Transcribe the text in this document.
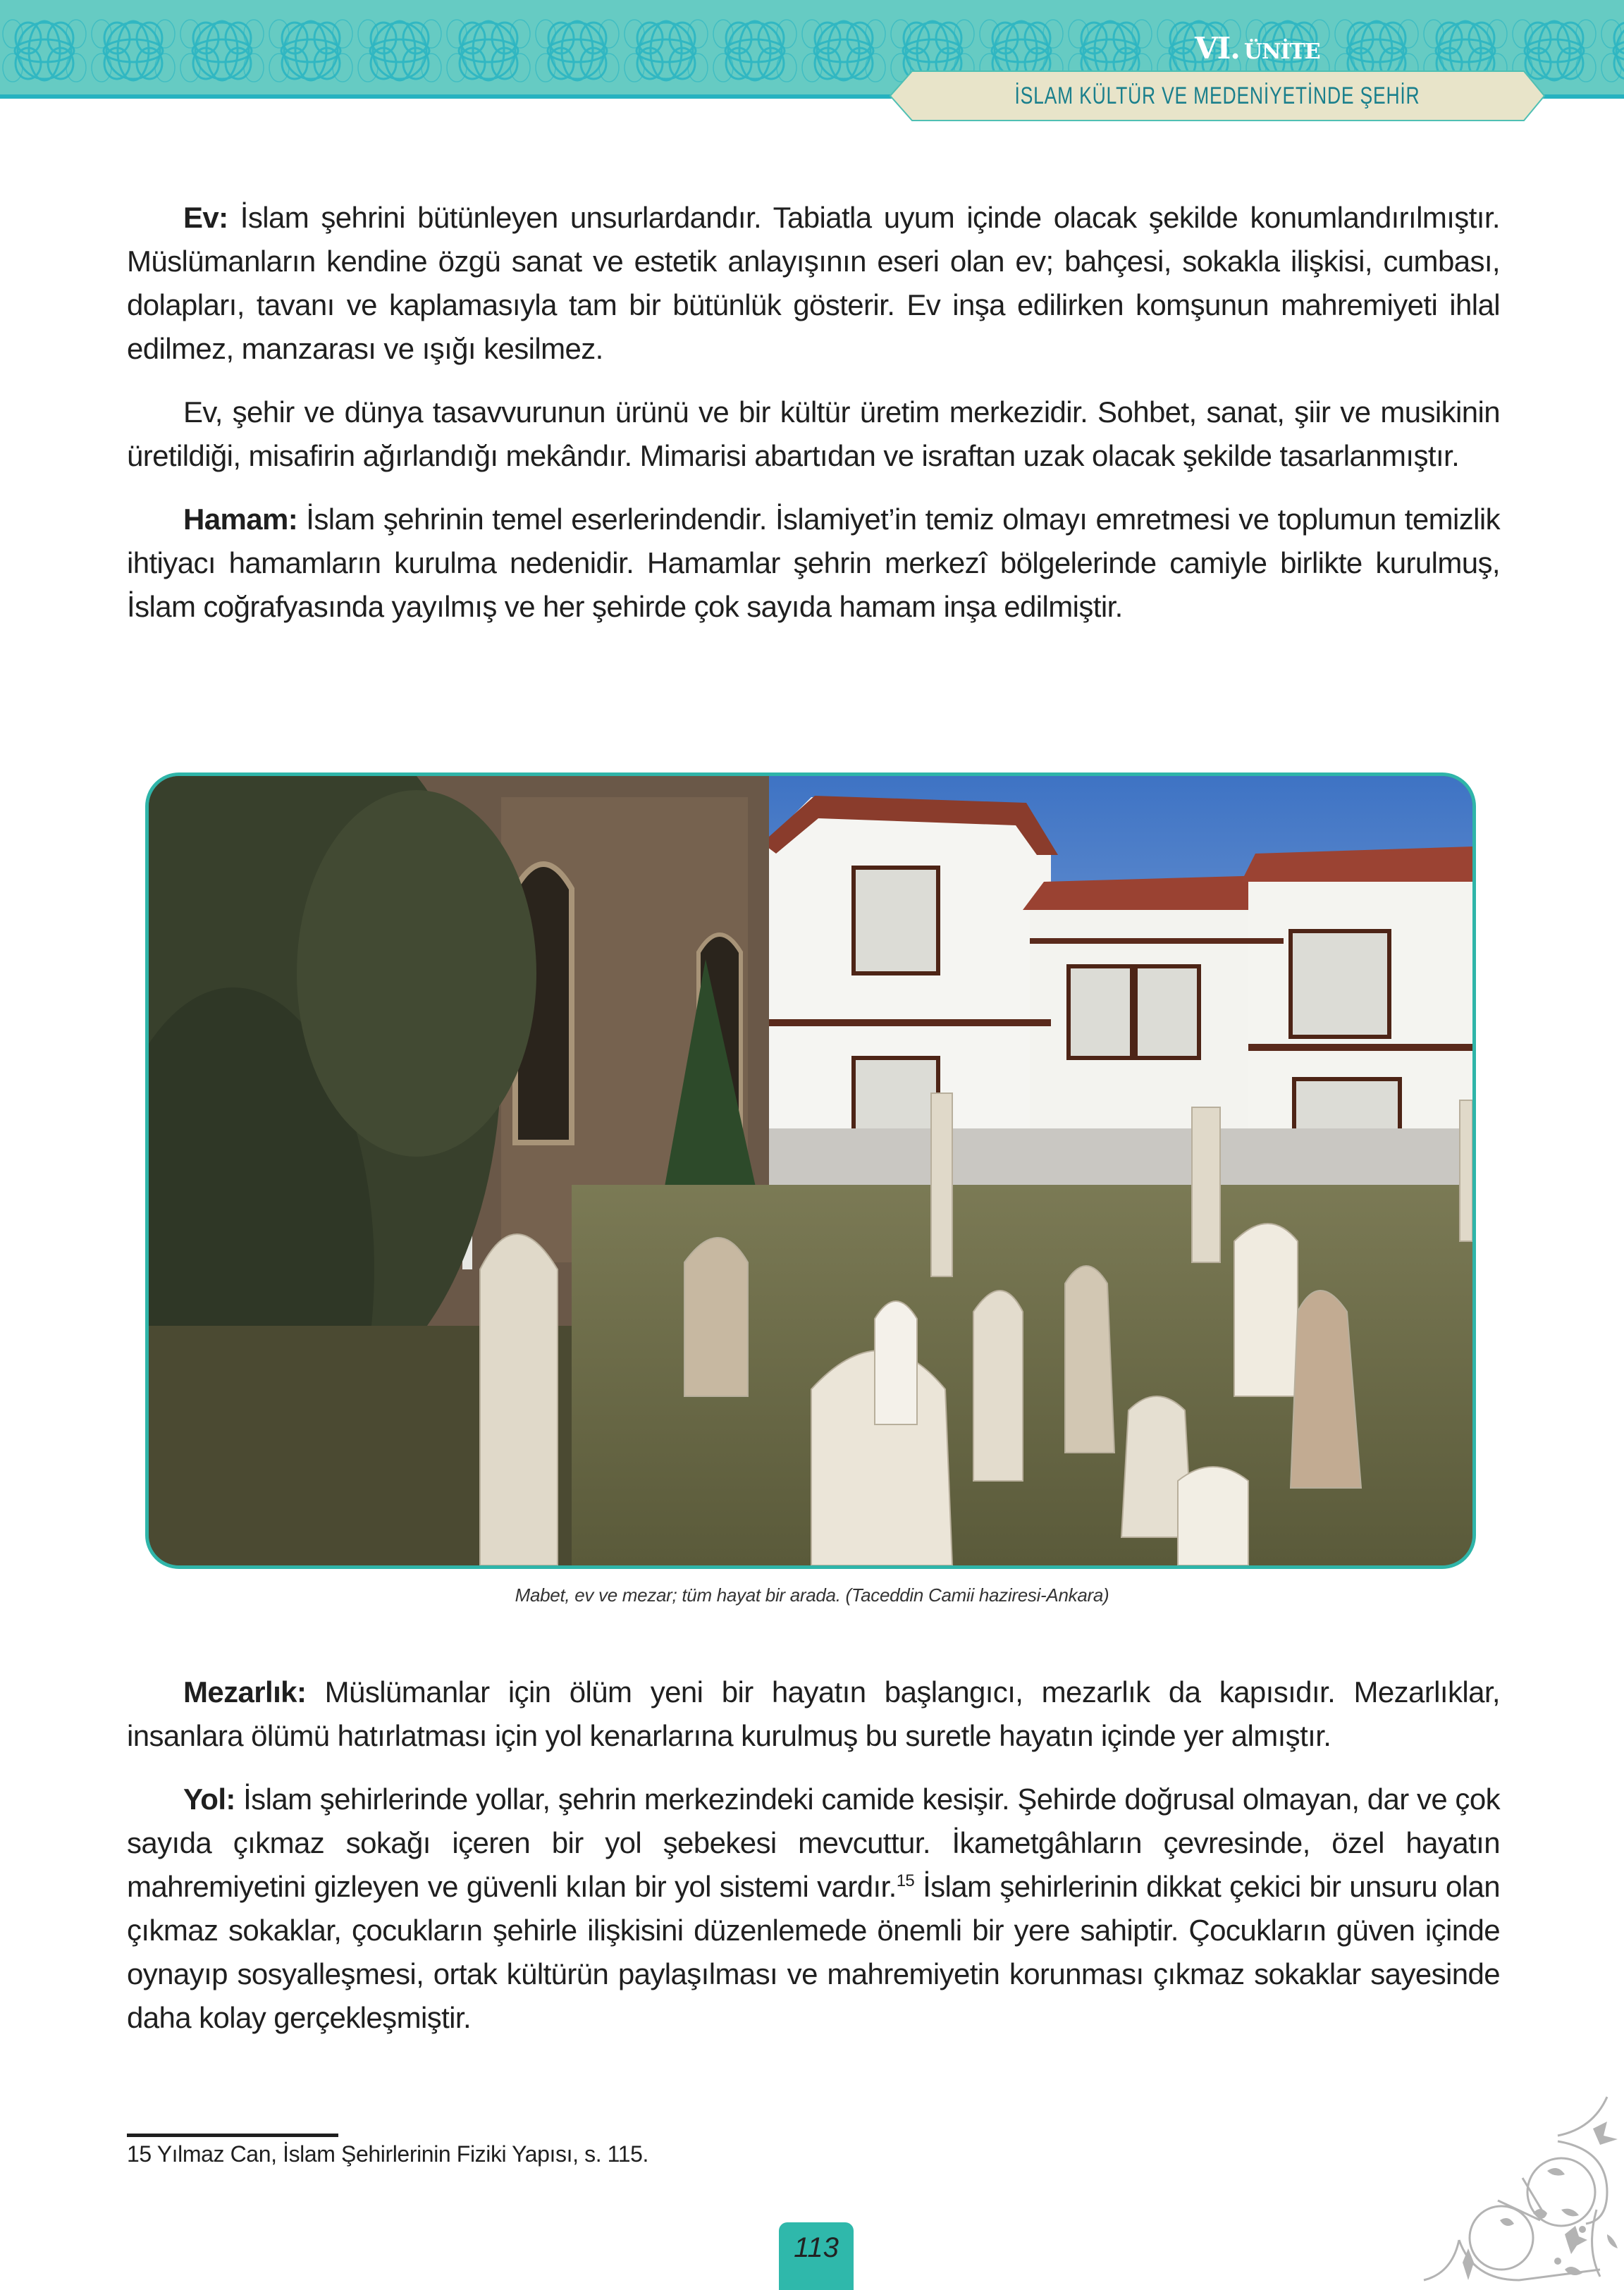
VI. ÜNİTE
İSLAM KÜLTÜR VE MEDENİYETİNDE ŞEHİR

Ev: İslam şehrini bütünleyen unsurlardandır. Tabiatla uyum içinde olacak şekilde konumlandırılmıştır. Müslümanların kendine özgü sanat ve estetik anlayışının eseri olan ev; bahçesi, sokakla ilişkisi, cumbası, dolapları, tavanı ve kaplamasıyla tam bir bütünlük gösterir. Ev inşa edilirken komşunun mahremiyeti ihlal edilmez, manzarası ve ışığı kesilmez.

Ev, şehir ve dünya tasavvurunun ürünü ve bir kültür üretim merkezidir. Sohbet, sanat, şiir ve musikinin üretildiği, misafirin ağırlandığı mekândır. Mimarisi abartıdan ve israftan uzak olacak şekilde tasarlanmıştır.

Hamam: İslam şehrinin temel eserlerindendir. İslamiyet’in temiz olmayı emretmesi ve toplumun temizlik ihtiyacı hamamların kurulma nedenidir. Hamamlar şehrin merkezî bölgelerinde camiyle birlikte kurulmuş, İslam coğrafyasında yayılmış ve her şehirde çok sayıda hamam inşa edilmiştir.

Mabet, ev ve mezar; tüm hayat bir arada. (Taceddin Camii haziresi-Ankara)

Mezarlık: Müslümanlar için ölüm yeni bir hayatın başlangıcı, mezarlık da kapısıdır. Mezarlıklar, insanlara ölümü hatırlatması için yol kenarlarına kurulmuş bu suretle hayatın içinde yer almıştır.

Yol: İslam şehirlerinde yollar, şehrin merkezindeki camide kesişir. Şehirde doğrusal olmayan, dar ve çok sayıda çıkmaz sokağı içeren bir yol şebekesi mevcuttur. İkametgâhların çevresinde, özel hayatın mahremiyetini gizleyen ve güvenli kılan bir yol sistemi vardır.$^{15}$ İslam şehirlerinin dikkat çekici bir unsuru olan çıkmaz sokaklar, çocukların şehirle ilişkisini düzenlemede önemli bir yere sahiptir. Çocukların güven içinde oynayıp sosyalleşmesi, ortak kültürün paylaşılması ve mahremiyetin korunması çıkmaz sokaklar sayesinde daha kolay gerçekleşmiştir.

15 Yılmaz Can, İslam Şehirlerinin Fiziki Yapısı, s. 115.
113
